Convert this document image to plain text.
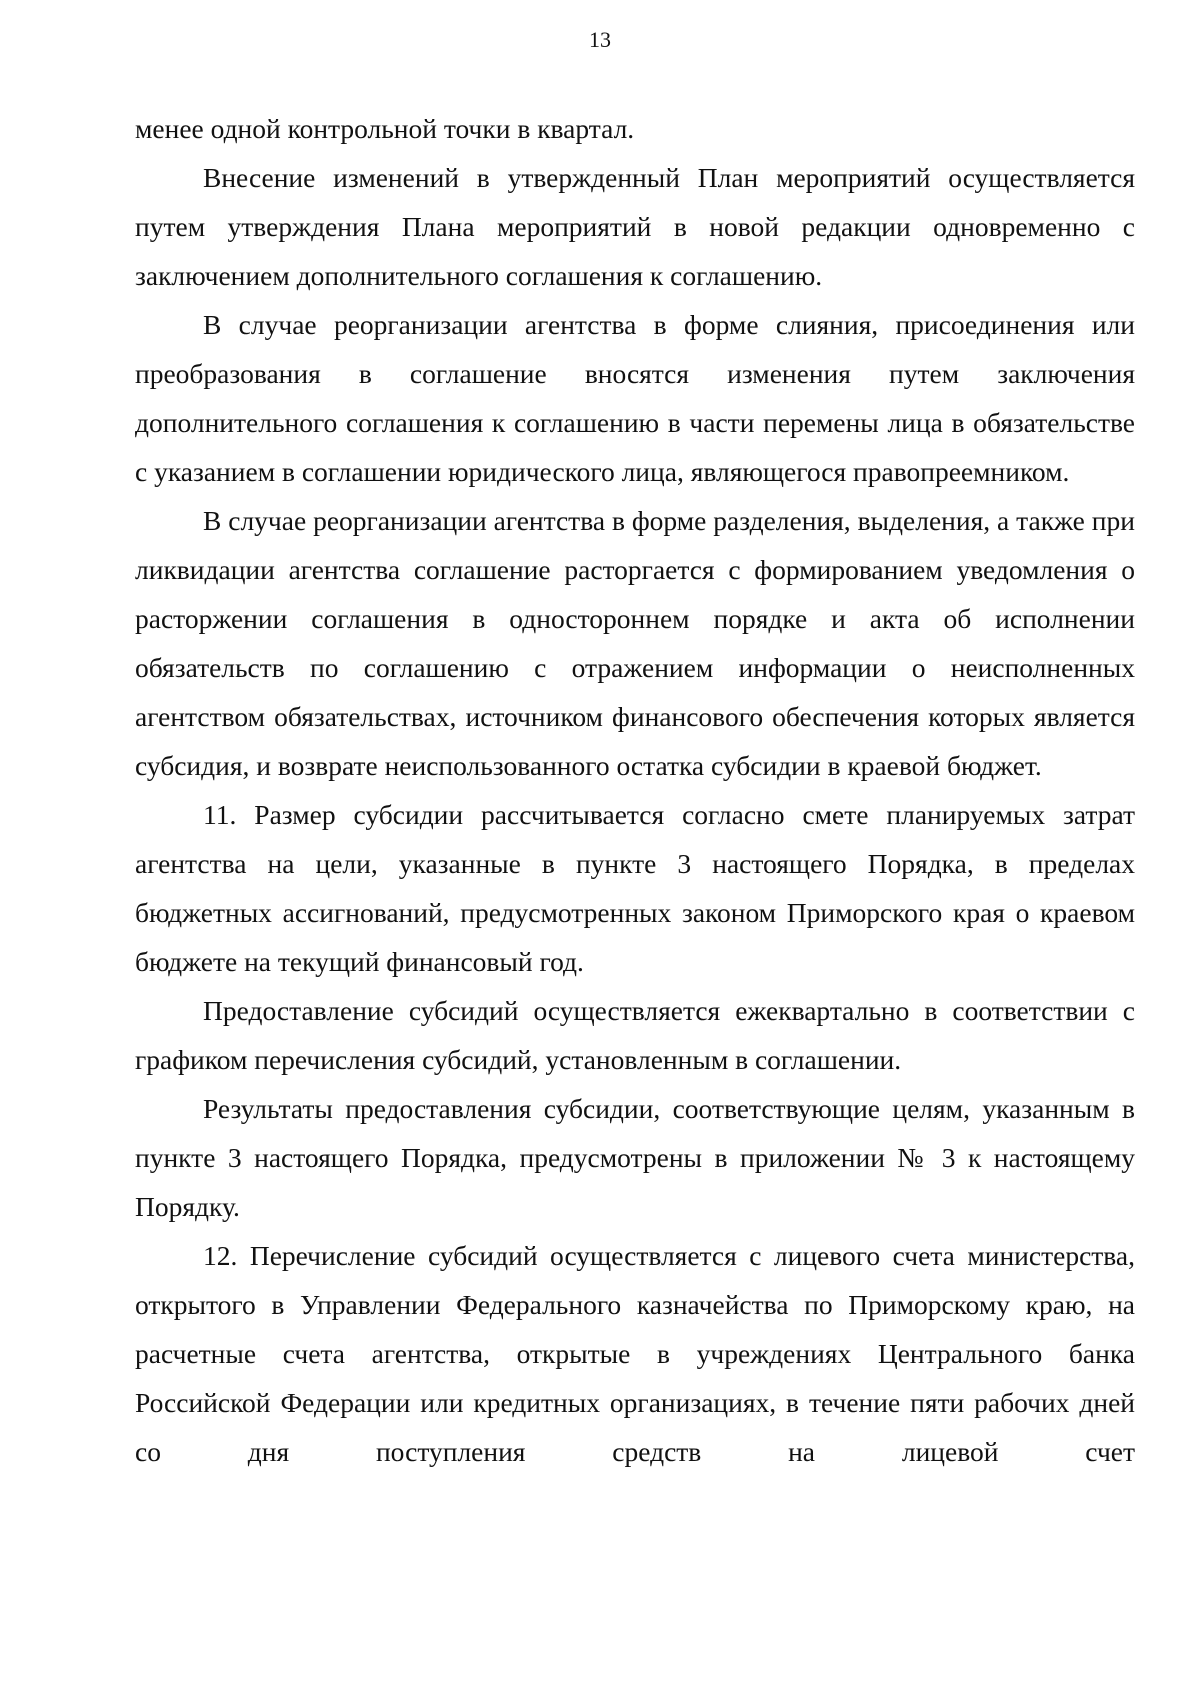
13

менее одной контрольной точки в квартал.

Внесение изменений в утвержденный План мероприятий осуществляется путем утверждения Плана мероприятий в новой редакции одновременно с заключением дополнительного соглашения к соглашению.

В случае реорганизации агентства в форме слияния, присоединения или преобразования в соглашение вносятся изменения путем заключения дополнительного соглашения к соглашению в части перемены лица в обязательстве с указанием в соглашении юридического лица, являющегося правопреемником.

В случае реорганизации агентства в форме разделения, выделения, а также при ликвидации агентства соглашение расторгается с формированием уведомления о расторжении соглашения в одностороннем порядке и акта об исполнении обязательств по соглашению с отражением информации о неисполненных агентством обязательствах, источником финансового обеспечения которых является субсидия, и возврате неиспользованного остатка субсидии в краевой бюджет.

11. Размер субсидии рассчитывается согласно смете планируемых затрат агентства на цели, указанные в пункте 3 настоящего Порядка, в пределах бюджетных ассигнований, предусмотренных законом Приморского края о краевом бюджете на текущий финансовый год.

Предоставление субсидий осуществляется ежеквартально в соответствии с графиком перечисления субсидий, установленным в соглашении.

Результаты предоставления субсидии, соответствующие целям, указанным в пункте 3 настоящего Порядка, предусмотрены в приложении № 3 к настоящему Порядку.

12. Перечисление субсидий осуществляется с лицевого счета министерства, открытого в Управлении Федерального казначейства по Приморскому краю, на расчетные счета агентства, открытые в учреждениях Центрального банка Российской Федерации или кредитных организациях, в течение пяти рабочих дней со дня поступления средств на лицевой счет
